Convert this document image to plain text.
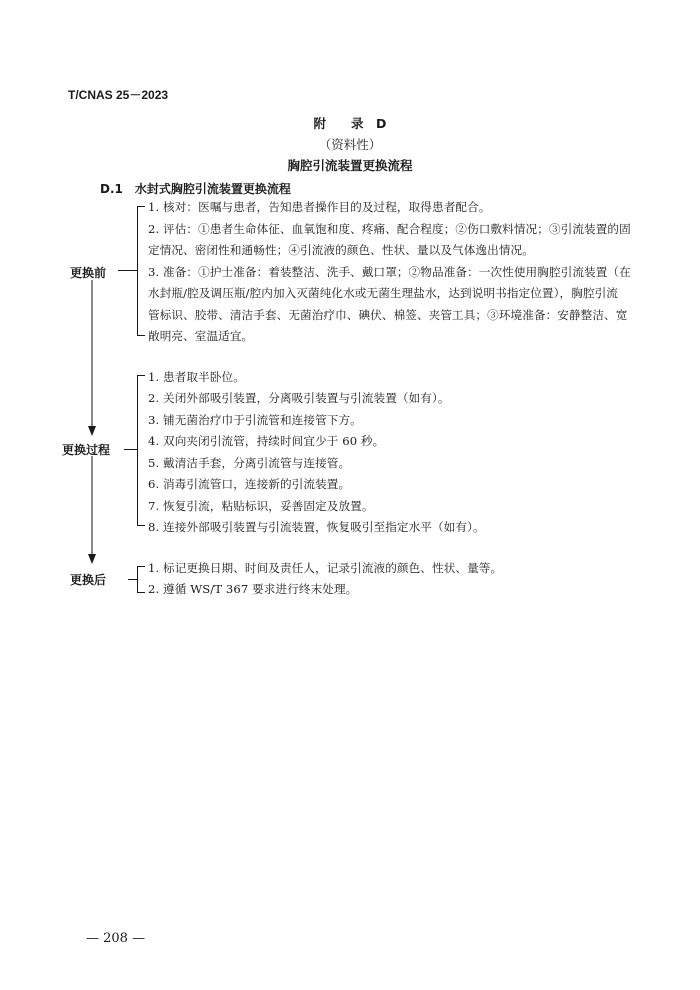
T/CNAS 25－2023
附　　录　D
（资料性）
胸腔引流装置更换流程
D.1　水封式胸腔引流装置更换流程
更换前
更换过程
更换后
1. 核对：医嘱与患者，告知患者操作目的及过程，取得患者配合。
2. 评估：①患者生命体征、血氧饱和度、疼痛、配合程度；②伤口敷料情况；③引流装置的固
定情况、密闭性和通畅性；④引流液的颜色、性状、量以及气体逸出情况。
3. 准备：①护士准备：着装整洁、洗手、戴口罩；②物品准备：一次性使用胸腔引流装置（在
水封瓶/腔及调压瓶/腔内加入灭菌纯化水或无菌生理盐水，达到说明书指定位置），胸腔引流
管标识、胶带、清洁手套、无菌治疗巾、碘伏、棉签、夹管工具；③环境准备：安静整洁、宽
敞明亮、室温适宜。
1. 患者取半卧位。
2. 关闭外部吸引装置，分离吸引装置与引流装置（如有）。
3. 铺无菌治疗巾于引流管和连接管下方。
4. 双向夹闭引流管，持续时间宜少于 60 秒。
5. 戴清洁手套，分离引流管与连接管。
6. 消毒引流管口，连接新的引流装置。
7. 恢复引流，粘贴标识，妥善固定及放置。
8. 连接外部吸引装置与引流装置，恢复吸引至指定水平（如有）。
1. 标记更换日期、时间及责任人，记录引流液的颜色、性状、量等。
2. 遵循 WS/T 367 要求进行终末处理。
— 208 —
